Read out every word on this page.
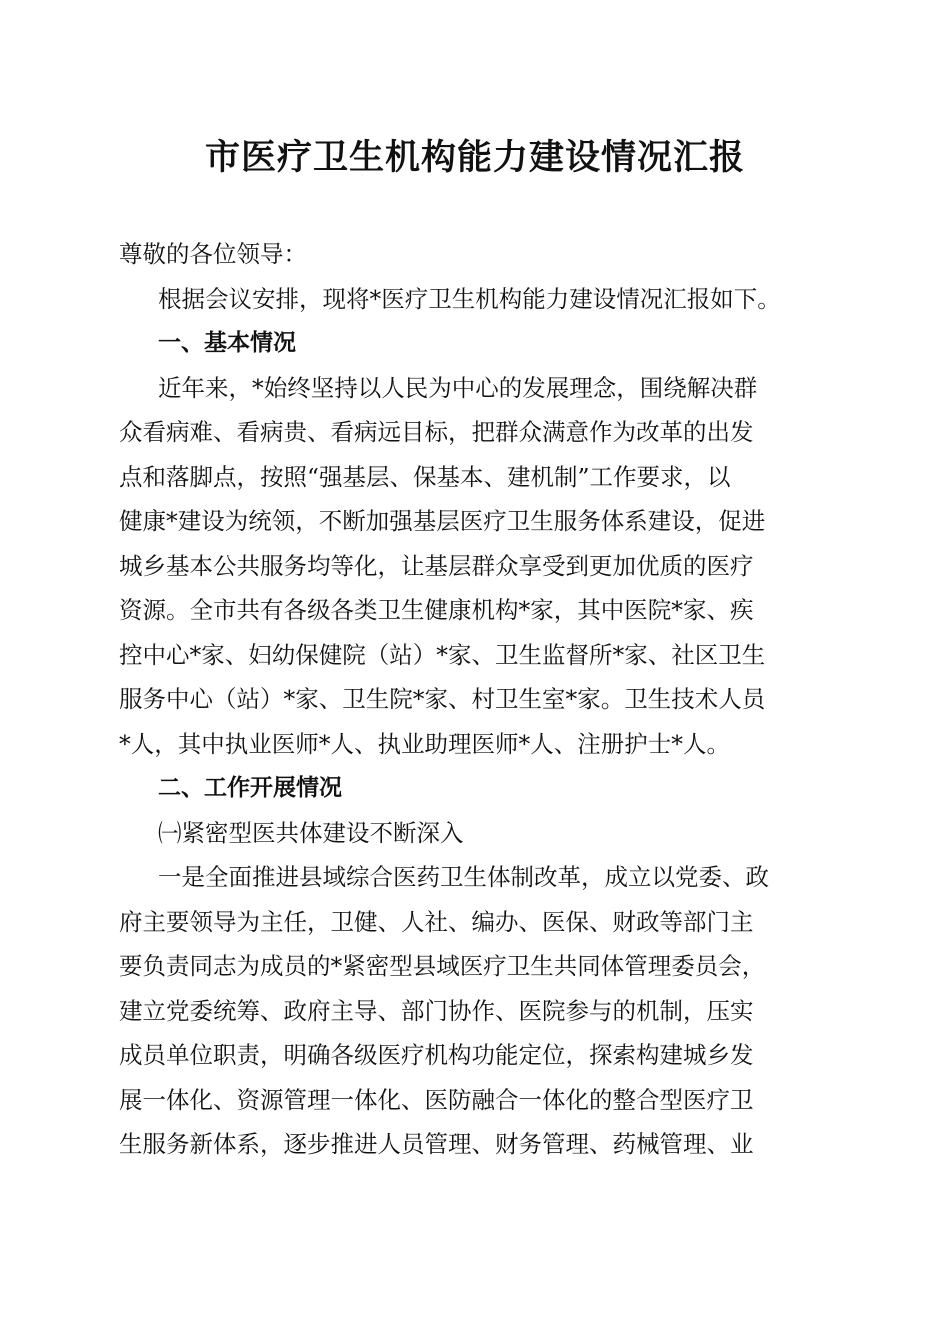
市医疗卫生机构能力建设情况汇报

尊敬的各位领导：

根据会议安排，现将*医疗卫生机构能力建设情况汇报如下。

一、基本情况

近年来，*始终坚持以人民为中心的发展理念，围绕解决群

众看病难、看病贵、看病远目标，把群众满意作为改革的出发

点和落脚点，按照“强基层、保基本、建机制”工作要求，以

健康*建设为统领，不断加强基层医疗卫生服务体系建设，促进

城乡基本公共服务均等化，让基层群众享受到更加优质的医疗

资源。全市共有各级各类卫生健康机构*家，其中医院*家、疾

控中心*家、妇幼保健院（站）*家、卫生监督所*家、社区卫生

服务中心（站）*家、卫生院*家、村卫生室*家。卫生技术人员

*人，其中执业医师*人、执业助理医师*人、注册护士*人。

二、工作开展情况

㈠紧密型医共体建设不断深入

一是全面推进县域综合医药卫生体制改革，成立以党委、政

府主要领导为主任，卫健、人社、编办、医保、财政等部门主

要负责同志为成员的*紧密型县域医疗卫生共同体管理委员会，

建立党委统筹、政府主导、部门协作、医院参与的机制，压实

成员单位职责，明确各级医疗机构功能定位，探索构建城乡发

展一体化、资源管理一体化、医防融合一体化的整合型医疗卫

生服务新体系，逐步推进人员管理、财务管理、药械管理、业
